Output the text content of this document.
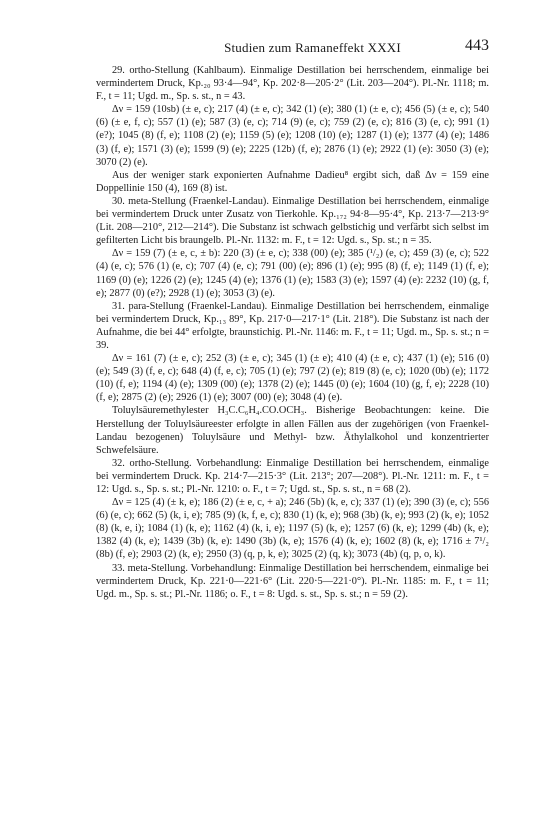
Studien zum Ramaneffekt XXXI	443

29. ortho-Stellung (Kahlbaum). Einmalige Destillation bei herrschendem, einmalige bei vermindertem Druck, Kp.₂₀ 93·4—94°, Kp. 202·8—205·2° (Lit. 203—204°). Pl.-Nr. 1118; m. F., t = 11; Ugd. m., Sp. s. st., n = 43.

Δν = 159 (10sb) (± e, c); 217 (4) (± e, c); 342 (1) (e); 380 (1) (± e, c); 456 (5) (± e, c); 540 (6) (± e, f, c); 557 (1) (e); 587 (3) (e, c); 714 (9) (e, c); 759 (2) (e, c); 816 (3) (e, c); 991 (1) (e?); 1045 (8) (f, e); 1108 (2) (e); 1159 (5) (e); 1208 (10) (e); 1287 (1) (e); 1377 (4) (e); 1486 (3) (f, e); 1571 (3) (e); 1599 (9) (e); 2225 (12b) (f, e); 2876 (1) (e); 2922 (1) (e): 3050 (3) (e); 3070 (2) (e).

Aus der weniger stark exponierten Aufnahme Dadieu⁸ ergibt sich, daß Δν = 159 eine Doppellinie 150 (4), 169 (8) ist.

30. meta-Stellung (Fraenkel-Landau). Einmalige Destillation bei herrschendem, einmalige bei vermindertem Druck unter Zusatz von Tierkohle. Kp.₁₇₂ 94·8—95·4°, Kp. 213·7—213·9° (Lit. 208—210°, 212—214°). Die Substanz ist schwach gelbstichig und verfärbt sich selbst im gefilterten Licht bis braungelb. Pl.-Nr. 1132: m. F., t = 12: Ugd. s., Sp. st.; n = 35.

Δν = 159 (7) (± e, c, ± b): 220 (3) (± e, c); 338 (00) (e); 385 (¹/₂) (e, c); 459 (3) (e, c); 522 (4) (e, c); 576 (1) (e, c); 707 (4) (e, c); 791 (00) (e); 896 (1) (e); 995 (8) (f, e); 1149 (1) (f, e); 1169 (0) (e); 1226 (2) (e); 1245 (4) (e); 1376 (1) (e); 1583 (3) (e); 1597 (4) (e): 2232 (10) (g, f, e); 2877 (0) (e?); 2928 (1) (e); 3053 (3) (e).

31. para-Stellung (Fraenkel-Landau). Einmalige Destillation bei herrschendem, einmalige bei vermindertem Druck, Kp.₁₃ 89°, Kp. 217·0—217·1° (Lit. 218°). Die Substanz ist nach der Aufnahme, die bei 44° erfolgte, braunstichig. Pl.-Nr. 1146: m. F., t = 11; Ugd. m., Sp. s. st.; n = 39.

Δν = 161 (7) (± e, c); 252 (3) (± e, c); 345 (1) (± e); 410 (4) (± e, c); 437 (1) (e); 516 (0) (e); 549 (3) (f, e, c); 648 (4) (f, e, c); 705 (1) (e); 797 (2) (e); 819 (8) (e, c); 1020 (0b) (e); 1172 (10) (f, e); 1194 (4) (e); 1309 (00) (e); 1378 (2) (e); 1445 (0) (e); 1604 (10) (g, f, e); 2228 (10) (f, e); 2875 (2) (e); 2926 (1) (e); 3007 (00) (e); 3048 (4) (e).

Toluylsäuremethylester H₃C.C₆H₄.CO.OCH₃. Bisherige Beobachtungen: keine. Die Herstellung der Toluylsäureester erfolgte in allen Fällen aus der zugehörigen (von Fraenkel-Landau bezogenen) Toluylsäure und Methyl- bzw. Äthylalkohol und konzentrierter Schwefelsäure.

32. ortho-Stellung. Vorbehandlung: Einmalige Destillation bei herrschendem, einmalige bei vermindertem Druck. Kp. 214·7—215·3° (Lit. 213°; 207—208°). Pl.-Nr. 1211: m. F., t = 12: Ugd. s., Sp. s. st.; Pl.-Nr. 1210: o. F., t = 7; Ugd. st., Sp. s. st., n = 68 (2).

Δν = 125 (4) (± k, e); 186 (2) (± e, c, + a); 246 (5b) (k, e, c); 337 (1) (e); 390 (3) (e, c); 556 (6) (e, c); 662 (5) (k, i, e); 785 (9) (k, f, e, c); 830 (1) (k, e); 968 (3b) (k, e); 993 (2) (k, e); 1052 (8) (k, e, i); 1084 (1) (k, e); 1162 (4) (k, i, e); 1197 (5) (k, e); 1257 (6) (k, e); 1299 (4b) (k, e); 1382 (4) (k, e); 1439 (3b) (k, e): 1490 (3b) (k, e); 1576 (4) (k, e); 1602 (8) (k, e); 1716 ± 7¹/₂ (8b) (f, e); 2903 (2) (k, e); 2950 (3) (q, p, k, e); 3025 (2) (q, k); 3073 (4b) (q, p, o, k).

33. meta-Stellung. Vorbehandlung: Einmalige Destillation bei herrschendem, einmalige bei vermindertem Druck, Kp. 221·0—221·6° (Lit. 220·5—221·0°). Pl.-Nr. 1185: m. F., t = 11; Ugd. m., Sp. s. st.; Pl.-Nr. 1186; o. F., t = 8: Ugd. s. st., Sp. s. st.; n = 59 (2).
